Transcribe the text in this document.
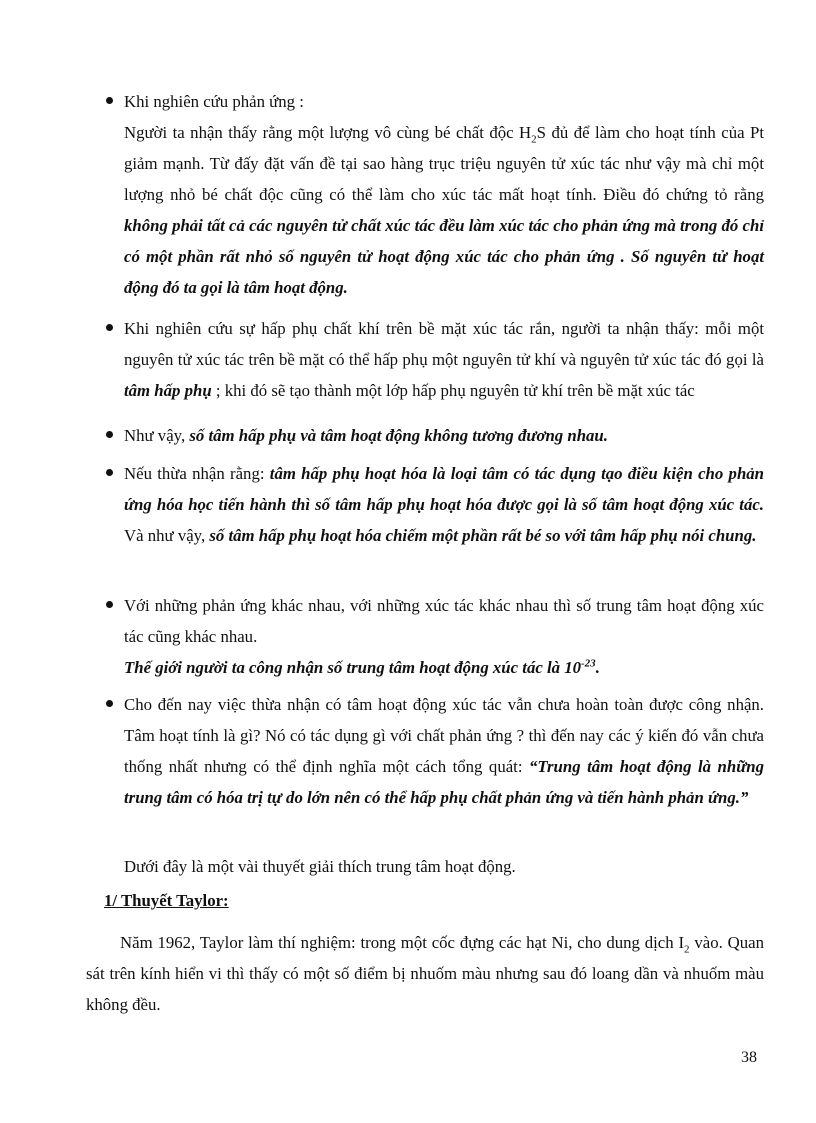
Khi nghiên cứu phản ứng :

Người ta nhận thấy rằng một lượng vô cùng bé chất độc $H_2S$ đủ để làm cho hoạt tính của Pt giảm mạnh. Từ đấy đặt vấn đề tại sao hàng trục triệu nguyên tử xúc tác như vậy mà chỉ một lượng nhỏ bé chất độc cũng có thể làm cho xúc tác mất hoạt tính. Điều đó chứng tỏ rằng không phải tất cả các nguyên tử chất xúc tác đều làm xúc tác cho phản ứng mà trong đó chỉ có một phần rất nhỏ số nguyên tử hoạt động xúc tác cho phản ứng . Số nguyên tử hoạt động đó ta gọi là tâm hoạt động.

Khi nghiên cứu sự hấp phụ chất khí trên bề mặt xúc tác rắn, người ta nhận thấy: mỗi một nguyên tử xúc tác trên bề mặt có thể hấp phụ một nguyên tử khí và nguyên tử xúc tác đó gọi là tâm hấp phụ ; khi đó sẽ tạo thành một lớp hấp phụ nguyên tử khí trên bề mặt xúc tác

Như vậy, số tâm hấp phụ và tâm hoạt động không tương đương nhau.

Nếu thừa nhận rằng: tâm hấp phụ hoạt hóa là loại tâm có tác dụng tạo điều kiện cho phản ứng hóa học tiến hành thì số tâm hấp phụ hoạt hóa được gọi là số tâm hoạt động xúc tác. Và như vậy, số tâm hấp phụ hoạt hóa chiếm một phần rất bé so với tâm hấp phụ nói chung.

Với những phản ứng khác nhau, với những xúc tác khác nhau thì số trung tâm hoạt động xúc tác cũng khác nhau.

Thế giới người ta công nhận số trung tâm hoạt động xúc tác là $10^{-23}$.

Cho đến nay việc thừa nhận có tâm hoạt động xúc tác vẫn chưa hoàn toàn được công nhận. Tâm hoạt tính là gì? Nó có tác dụng gì với chất phản ứng ? thì đến nay các ý kiến đó vẫn chưa thống nhất nhưng có thể định nghĩa một cách tổng quát: “Trung tâm hoạt động là những trung tâm có hóa trị tự do lớn nên có thể hấp phụ chất phản ứng và tiến hành phản ứng.”

Dưới đây là một vài thuyết giải thích trung tâm hoạt động.

1/ Thuyết Taylor:

Năm 1962, Taylor làm thí nghiệm: trong một cốc đựng các hạt Ni, cho dung dịch $I_2$ vào. Quan sát trên kính hiển vi thì thấy có một số điểm bị nhuốm màu nhưng sau đó loang dần và nhuốm màu không đều.

38
